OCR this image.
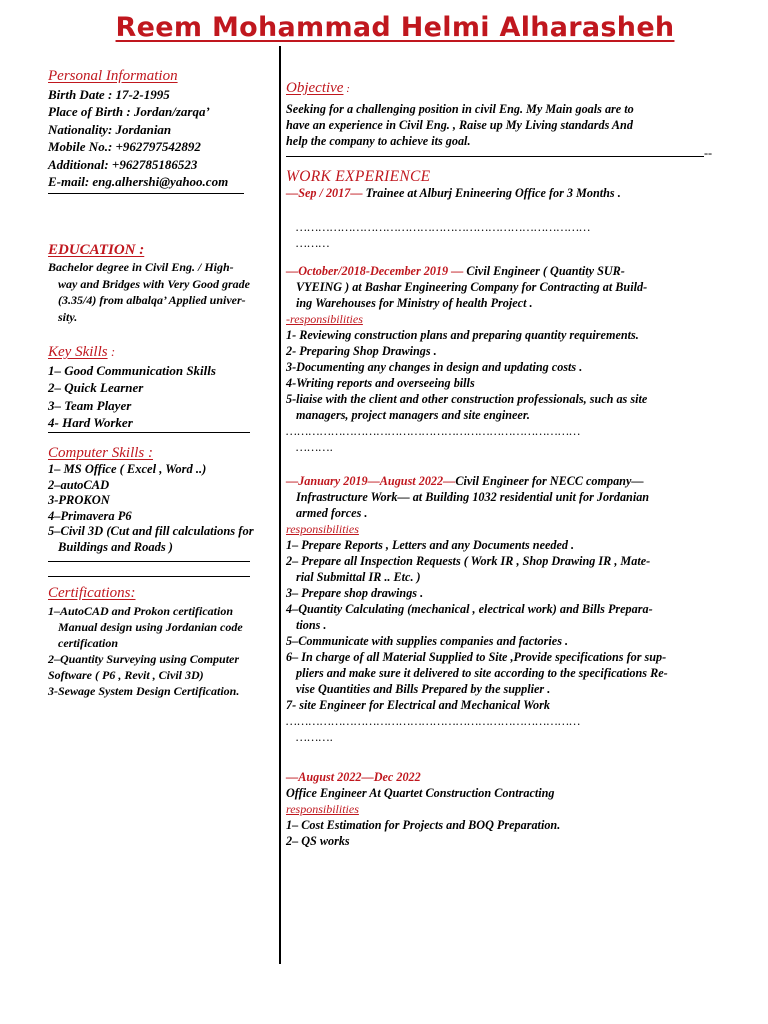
Reem Mohammad Helmi Alharasheh
Personal Information
Birth Date : 17-2-1995
Place of Birth : Jordan/zarqa’
Nationality: Jordanian
Mobile No.: +962797542892
Additional: +962785186523
E-mail: eng.alhershi@yahoo.com
EDUCATION :
Bachelor degree in Civil Eng. / High-
way and Bridges with Very Good grade
(3.35/4) from albalqa’ Applied univer-
sity.
Key Skills :
1– Good Communication Skills
2– Quick Learner
3– Team Player
4- Hard Worker
Computer Skills :
1– MS Office ( Excel , Word ..)
2–autoCAD
3-PROKON
4–Primavera P6
5–Civil 3D (Cut and fill calculations for
Buildings and Roads )
Certifications:
1–AutoCAD and Prokon certification
Manual design using Jordanian code
certification
2–Quantity Surveying using Computer
Software ( P6 , Revit , Civil 3D)
3-Sewage System Design Certification.
Objective :
Seeking for a challenging position in civil Eng. My Main goals are to
have an experience in Civil Eng. , Raise up My Living standards And
help the company to achieve its goal.
--
WORK EXPERIENCE
—Sep / 2017— Trainee at Alburj Enineering Office for 3 Months .
……………………………………………………………………
………
—October/2018-December 2019 — Civil Engineer ( Quantity SUR-
VYEING ) at Bashar Engineering Company for Contracting at Build-
ing Warehouses for Ministry of health Project .
-responsibilities
1- Reviewing construction plans and preparing quantity requirements.
2- Preparing Shop Drawings .
3-Documenting any changes in design and updating costs .
4-Writing reports and overseeing bills
5-liaise with the client and other construction professionals, such as site
managers, project managers and site engineer.
……………………………………………………………………
……….
—January 2019—August 2022—Civil Engineer for NECC company—
Infrastructure Work— at Building 1032 residential unit for Jordanian
armed forces .
responsibilities
1– Prepare Reports , Letters and any Documents needed .
2– Prepare all Inspection Requests ( Work IR , Shop Drawing IR , Mate-
rial Submittal IR .. Etc. )
3– Prepare shop drawings .
4–Quantity Calculating (mechanical , electrical work) and Bills Prepara-
tions .
5–Communicate with supplies companies and factories .
6– In charge of all Material Supplied to Site ,Provide specifications for sup-
pliers and make sure it delivered to site according to the specifications Re-
vise Quantities and Bills Prepared by the supplier .
7- site Engineer for Electrical and Mechanical Work
……………………………………………………………………
……….
—August 2022—Dec 2022
Office Engineer At Quartet Construction Contracting
responsibilities
1– Cost Estimation for Projects and BOQ Preparation.
2– QS works
